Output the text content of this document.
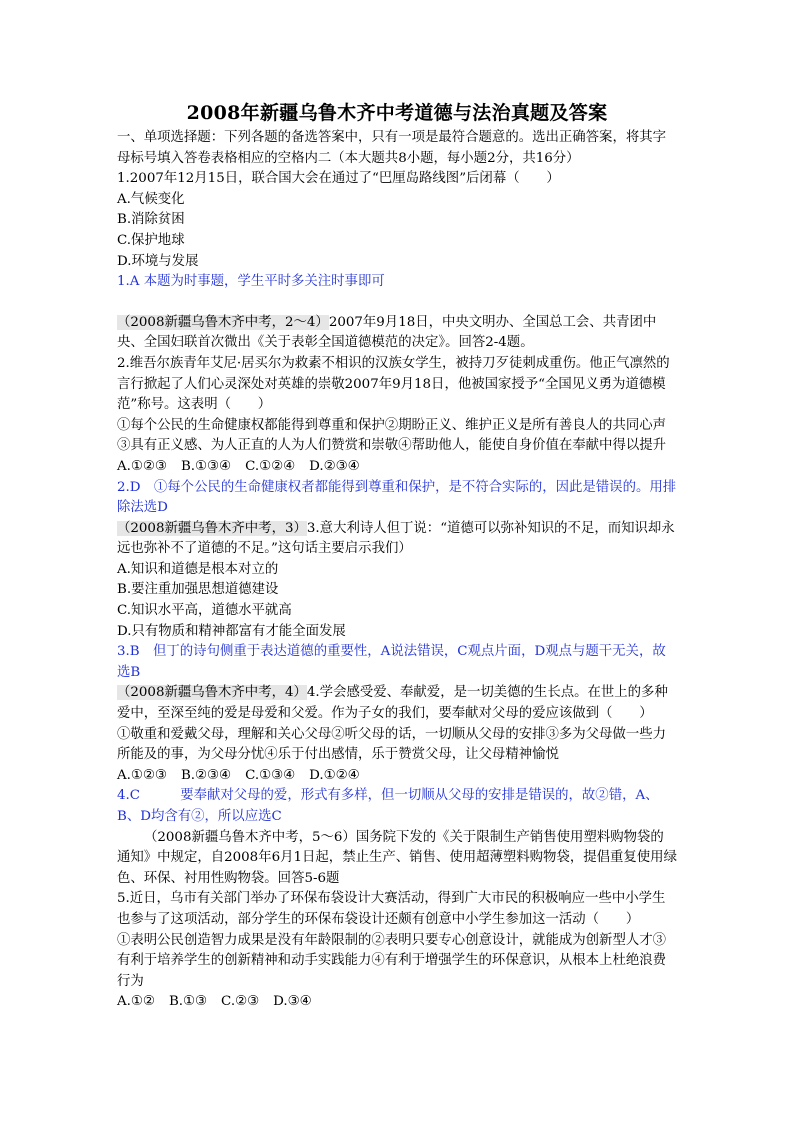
2008年新疆乌鲁木齐中考道德与法治真题及答案

一、单项选择题：下列各题的备选答案中，只有一项是最符合题意的。选出正确答案，将其字母标号填入答卷表格相应的空格内二（本大题共8小题，每小题2分，共16分）

1.2007年12月15日，联合国大会在通过了“巴厘岛路线图”后闭幕（　　）

A.气候变化

B.消除贫困

C.保护地球

D.环境与发展

1.A 本题为时事题，学生平时多关注时事即可

（2008新疆乌鲁木齐中考，2～4）2007年9月18日，中央文明办、全国总工会、共青团中央、全国妇联首次微出《关于表彰全国道德模范的决定》。回答2-4题。

2.维吾尔族青年艾尼·居买尔为救素不相识的汉族女学生，被持刀歹徒刺成重伤。他正气凛然的言行掀起了人们心灵深处对英雄的崇敬2007年9月18日，他被国家授予“全国见义勇为道德模范”称号。这表明（　　）

①每个公民的生命健康权都能得到尊重和保护②期盼正义、维护正义是所有善良人的共同心声③具有正义感、为人正直的人为人们赞赏和崇敬④帮助他人，能使自身价值在奉献中得以提升

A.①②③ B.①③④ C.①②④ D.②③④

2.D　①每个公民的生命健康权者都能得到尊重和保护，是不符合实际的，因此是错误的。用排除法选D

（2008新疆乌鲁木齐中考，3）3.意大利诗人但丁说：“道德可以弥补知识的不足，而知识却永远也弥补不了道德的不足。”这句话主要启示我们）

A.知识和道德是根本对立的

B.要注重加强思想道德建设

C.知识水平高，道德水平就高

D.只有物质和精神都富有才能全面发展

3.B　但丁的诗句侧重于表达道德的重要性，A说法错误，C观点片面，D观点与题干无关，故选B

（2008新疆乌鲁木齐中考，4）4.学会感受爱、奉献爱，是一切美德的生长点。在世上的多种爱中，至深至纯的爱是母爱和父爱。作为子女的我们，要奉献对父母的爱应该做到（　　）

①敬重和爱戴父母，理解和关心父母②听父母的话，一切顺从父母的安排③多为父母做一些力所能及的事，为父母分忧④乐于付出感情，乐于赞赏父母，让父母精神愉悦

A.①②③ B.②③④ C.①③④ D.①②④

4.C　　　要奉献对父母的爱，形式有多样，但一切顺从父母的安排是错误的，故②错，A、B、D均含有②，所以应选C

（2008新疆乌鲁木齐中考，5～6）国务院下发的《关于限制生产销售使用塑料购物袋的通知》中规定，自2008年6月1日起，禁止生产、销售、使用超薄塑料购物袋，提倡重复使用绿色、环保、衬用性购物袋。回答5-6题

5.近日，乌市有关部门举办了环保布袋设计大赛活动，得到广大市民的积极响应一些中小学生也参与了这项活动，部分学生的环保布袋设计还颇有创意中小学生参加这一活动（　　）

①表明公民创造智力成果是没有年龄限制的②表明只要专心创意设计，就能成为创新型人才③有利于培养学生的创新精神和动手实践能力④有利于增强学生的环保意识，从根本上杜绝浪费行为

A.①② B.①③ C.②③ D.③④
